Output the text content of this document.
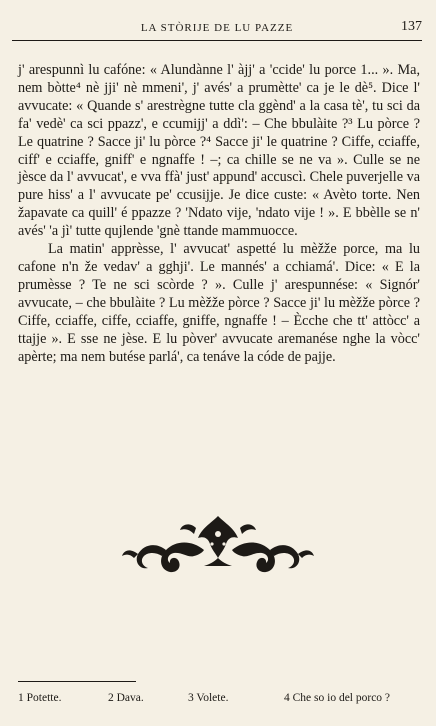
LA STÒRIJE DE LU PAZZE	137

j' arespunnì lu cafóne: « Alundànne l' àjj' a 'ccide' lu porce 1... ». Ma, nem bòtte⁴ nè jji' nè mmeni', j' avés' a prumètte' ca je le dè⁵. Dice l' avvucate: « Quande s' arestrègne tutte cla ggènd' a la casa tè', tu sci da fa' vedè' ca sci ppazz', e ccumijj' a ddì': – Che bbulàite ?³ Lu pòrce ? Le quatrine ? Sacce ji' lu pòrce ?⁴ Sacce ji' le quatrine ? Ciffe, cciaffe, ciff' e cciaffe, gniff' e ngnaffe ! –; ca chille se ne va ». Culle se ne jèsce da l' avvucat', e vva ffà' just' appund' accuscì. Chele puverjelle va pure hiss' a l' avvucate pe' ccusijje. Je dice custe: « Avèto torte. Nen žapavate ca quill' é ppazze ? 'Ndato vije, 'ndato vije ! ». E bbèlle se n' avés' 'a jì' tutte qujlende 'gnè ttande mammuocce.

La matin' apprèsse, l' avvucat' aspetté lu mèžže porce, ma lu cafone n'n že vedav' a gghji'. Le mannés' a cchiamá'. Dice: « E la prumèsse ? Te ne sci scòrde ? ». Culle j' arespunnése: « Signór' avvucate, – che bbulàite ? Lu mèžže pòrce ? Sacce ji' lu mèžže pòrce ? Ciffe, cciaffe, ciffe, cciaffe, gniffe, ngnaffe ! – Ècche che tt' attòcc' a ttajje ». E sse ne jèse. E lu pòver' avvucate aremanése nghe la vòcc' apèrte; ma nem butése parlá', ca tenáve la códe de pajje.

1 Potette.	2 Dava.	3 Volete.	4 Che so io del porco ?
